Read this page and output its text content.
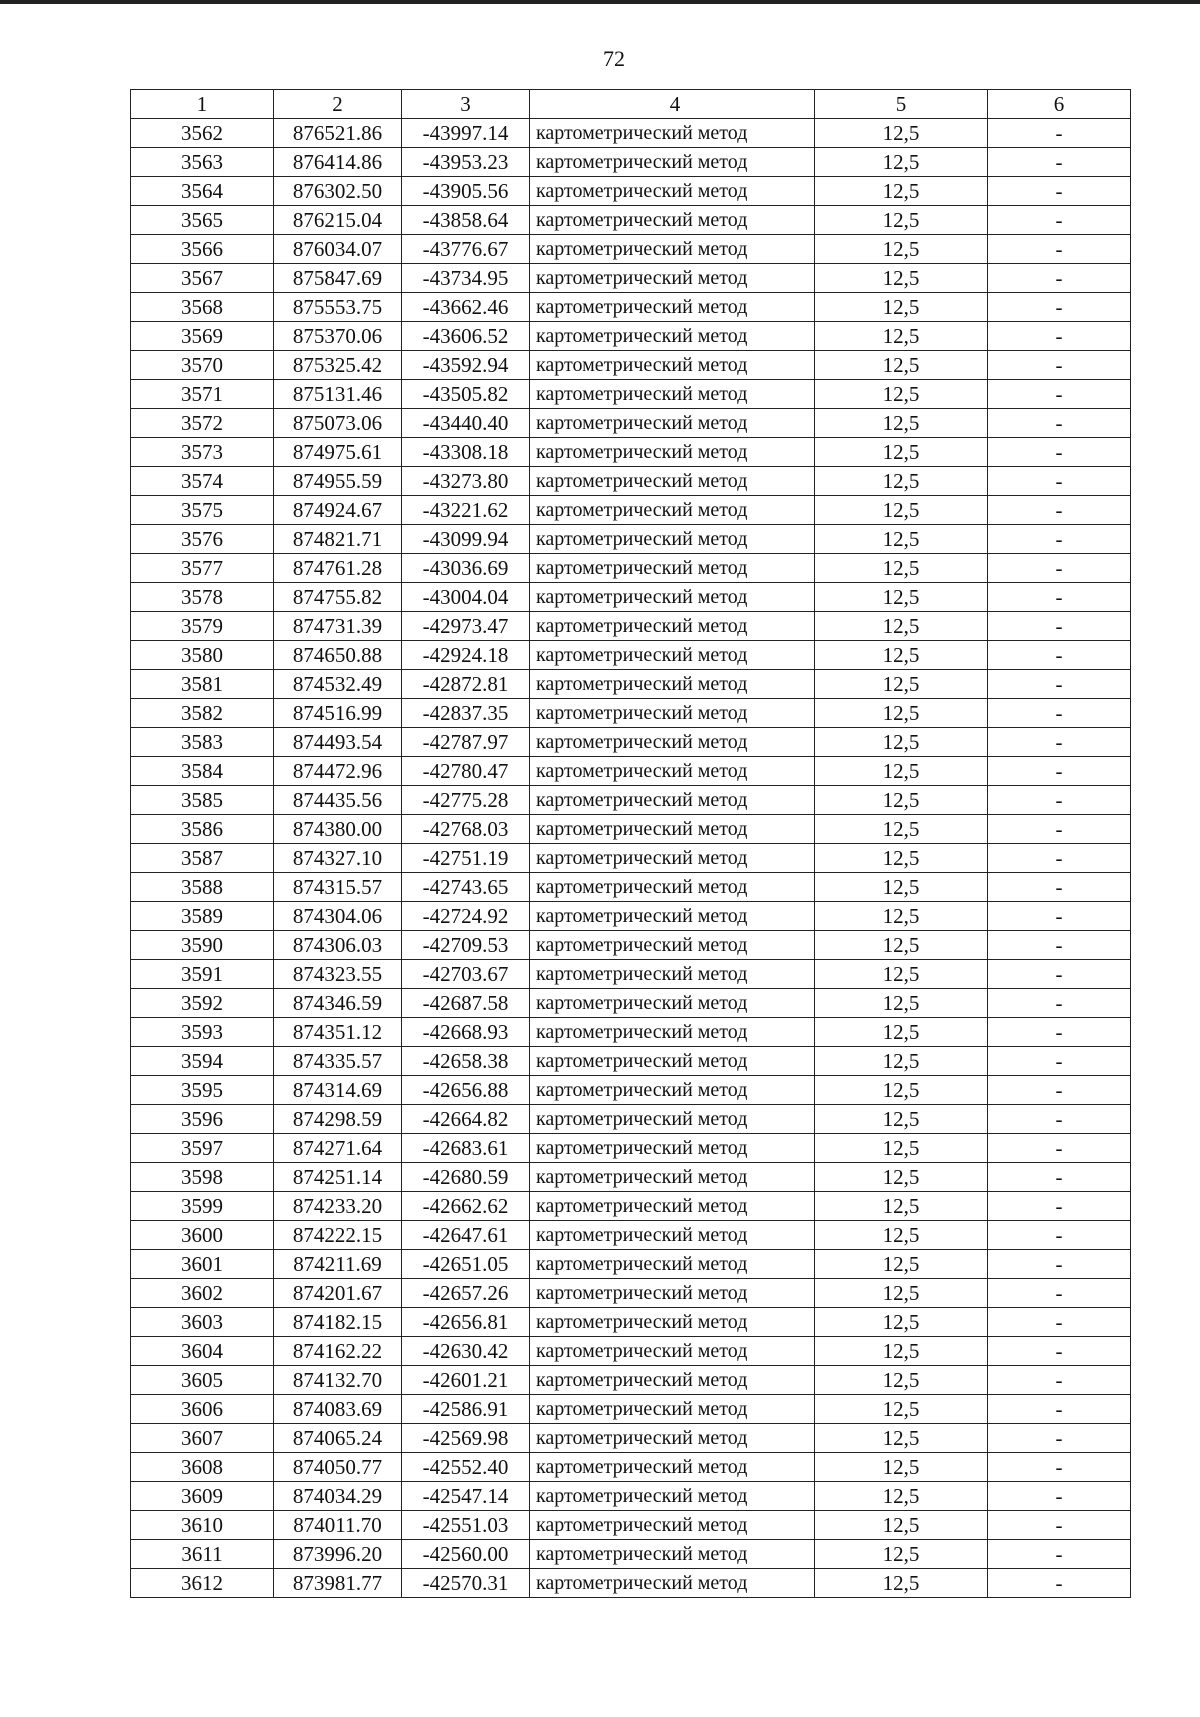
72
1	2	3	4	5	6
3562	876521.86	-43997.14	картометрический метод	12,5	-
3563	876414.86	-43953.23	картометрический метод	12,5	-
3564	876302.50	-43905.56	картометрический метод	12,5	-
3565	876215.04	-43858.64	картометрический метод	12,5	-
3566	876034.07	-43776.67	картометрический метод	12,5	-
3567	875847.69	-43734.95	картометрический метод	12,5	-
3568	875553.75	-43662.46	картометрический метод	12,5	-
3569	875370.06	-43606.52	картометрический метод	12,5	-
3570	875325.42	-43592.94	картометрический метод	12,5	-
3571	875131.46	-43505.82	картометрический метод	12,5	-
3572	875073.06	-43440.40	картометрический метод	12,5	-
3573	874975.61	-43308.18	картометрический метод	12,5	-
3574	874955.59	-43273.80	картометрический метод	12,5	-
3575	874924.67	-43221.62	картометрический метод	12,5	-
3576	874821.71	-43099.94	картометрический метод	12,5	-
3577	874761.28	-43036.69	картометрический метод	12,5	-
3578	874755.82	-43004.04	картометрический метод	12,5	-
3579	874731.39	-42973.47	картометрический метод	12,5	-
3580	874650.88	-42924.18	картометрический метод	12,5	-
3581	874532.49	-42872.81	картометрический метод	12,5	-
3582	874516.99	-42837.35	картометрический метод	12,5	-
3583	874493.54	-42787.97	картометрический метод	12,5	-
3584	874472.96	-42780.47	картометрический метод	12,5	-
3585	874435.56	-42775.28	картометрический метод	12,5	-
3586	874380.00	-42768.03	картометрический метод	12,5	-
3587	874327.10	-42751.19	картометрический метод	12,5	-
3588	874315.57	-42743.65	картометрический метод	12,5	-
3589	874304.06	-42724.92	картометрический метод	12,5	-
3590	874306.03	-42709.53	картометрический метод	12,5	-
3591	874323.55	-42703.67	картометрический метод	12,5	-
3592	874346.59	-42687.58	картометрический метод	12,5	-
3593	874351.12	-42668.93	картометрический метод	12,5	-
3594	874335.57	-42658.38	картометрический метод	12,5	-
3595	874314.69	-42656.88	картометрический метод	12,5	-
3596	874298.59	-42664.82	картометрический метод	12,5	-
3597	874271.64	-42683.61	картометрический метод	12,5	-
3598	874251.14	-42680.59	картометрический метод	12,5	-
3599	874233.20	-42662.62	картометрический метод	12,5	-
3600	874222.15	-42647.61	картометрический метод	12,5	-
3601	874211.69	-42651.05	картометрический метод	12,5	-
3602	874201.67	-42657.26	картометрический метод	12,5	-
3603	874182.15	-42656.81	картометрический метод	12,5	-
3604	874162.22	-42630.42	картометрический метод	12,5	-
3605	874132.70	-42601.21	картометрический метод	12,5	-
3606	874083.69	-42586.91	картометрический метод	12,5	-
3607	874065.24	-42569.98	картометрический метод	12,5	-
3608	874050.77	-42552.40	картометрический метод	12,5	-
3609	874034.29	-42547.14	картометрический метод	12,5	-
3610	874011.70	-42551.03	картометрический метод	12,5	-
3611	873996.20	-42560.00	картометрический метод	12,5	-
3612	873981.77	-42570.31	картометрический метод	12,5	-
